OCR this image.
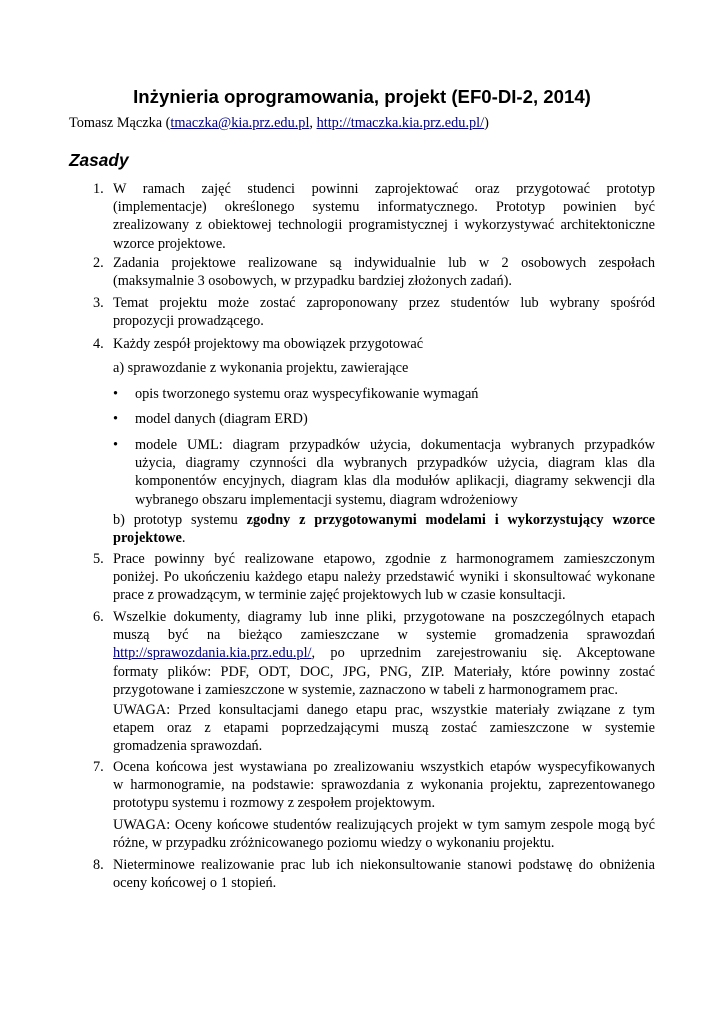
Inżynieria oprogramowania, projekt (EF0-DI-2, 2014)
Tomasz Mączka (tmaczka@kia.prz.edu.pl, http://tmaczka.kia.prz.edu.pl/)
Zasady
1. W ramach zajęć studenci powinni zaprojektować oraz przygotować prototyp
(implementacje) określonego systemu informatycznego. Prototyp powinien być
zrealizowany z obiektowej technologii programistycznej i wykorzystywać architektoniczne
wzorce projektowe.
2. Zadania projektowe realizowane są indywidualnie lub w 2 osobowych zespołach
(maksymalnie 3 osobowych, w przypadku bardziej złożonych zadań).
3. Temat projektu może zostać zaproponowany przez studentów lub wybrany spośród
propozycji prowadzącego.
4. Każdy zespół projektowy ma obowiązek przygotować
a) sprawozdanie z wykonania projektu, zawierające
• opis tworzonego systemu oraz wyspecyfikowanie wymagań
• model danych (diagram ERD)
• modele UML: diagram przypadków użycia, dokumentacja wybranych przypadków
użycia, diagramy czynności dla wybranych przypadków użycia, diagram klas dla
komponentów encyjnych, diagram klas dla modułów aplikacji, diagramy sekwencji dla
wybranego obszaru implementacji systemu, diagram wdrożeniowy
b) prototyp systemu zgodny z przygotowanymi modelami i wykorzystujący wzorce
projektowe.
5. Prace powinny być realizowane etapowo, zgodnie z harmonogramem zamieszczonym
poniżej. Po ukończeniu każdego etapu należy przedstawić wyniki i skonsultować wykonane
prace z prowadzącym, w terminie zajęć projektowych lub w czasie konsultacji.
6. Wszelkie dokumenty, diagramy lub inne pliki, przygotowane na poszczególnych etapach
muszą być na bieżąco zamieszczane w systemie gromadzenia sprawozdań
http://sprawozdania.kia.prz.edu.pl/, po uprzednim zarejestrowaniu się. Akceptowane
formaty plików: PDF, ODT, DOC, JPG, PNG, ZIP. Materiały, które powinny zostać
przygotowane i zamieszczone w systemie, zaznaczono w tabeli z harmonogramem prac.
UWAGA: Przed konsultacjami danego etapu prac, wszystkie materiały związane z tym
etapem oraz z etapami poprzedzającymi muszą zostać zamieszczone w systemie
gromadzenia sprawozdań.
7. Ocena końcowa jest wystawiana po zrealizowaniu wszystkich etapów wyspecyfikowanych
w harmonogramie, na podstawie: sprawozdania z wykonania projektu, zaprezentowanego
prototypu systemu i rozmowy z zespołem projektowym.
UWAGA: Oceny końcowe studentów realizujących projekt w tym samym zespole mogą być
różne, w przypadku zróżnicowanego poziomu wiedzy o wykonaniu projektu.
8. Nieterminowe realizowanie prac lub ich niekonsultowanie stanowi podstawę do obniżenia
oceny końcowej o 1 stopień.
